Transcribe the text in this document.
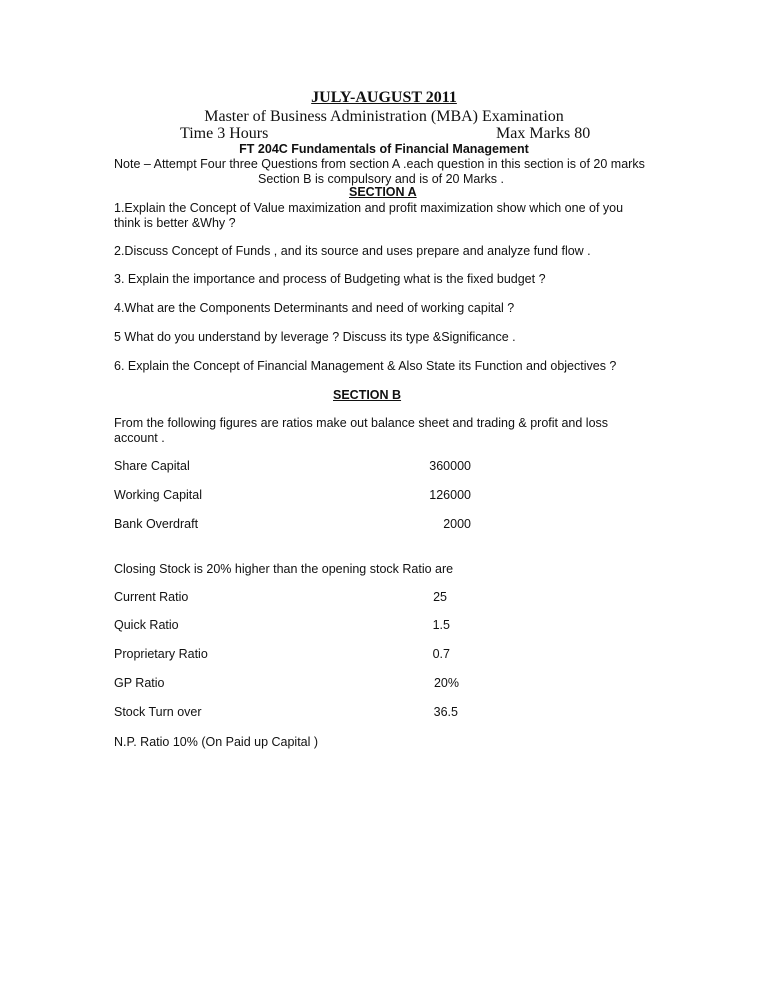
JULY-AUGUST 2011
Master of Business Administration (MBA) Examination
Time 3 Hours	Max Marks 80
FT 204C Fundamentals of Financial Management
Note – Attempt Four three Questions from section A .each question in this section is of 20 marks
Section B is compulsory and is of 20 Marks .
SECTION A
1.Explain the Concept of Value maximization and profit maximization show which one of you
think is better &Why ?
2.Discuss Concept of Funds , and its source and uses prepare and analyze fund flow .
3. Explain the importance and process of Budgeting what is the fixed budget ?
4.What are the Components Determinants and need of working capital ?
5 What do you understand by leverage ? Discuss its type &Significance .
6. Explain the Concept of Financial Management & Also State its Function and objectives ?
SECTION B
From the following figures are ratios make out balance sheet and trading & profit and loss account .
Share Capital	360000
Working Capital	126000
Bank Overdraft	2000
Closing Stock is 20% higher than the opening stock Ratio are
Current Ratio	25
Quick Ratio	1.5
Proprietary Ratio	0.7
GP Ratio	20%
Stock Turn over	36.5
N.P. Ratio 10% (On Paid up Capital )
